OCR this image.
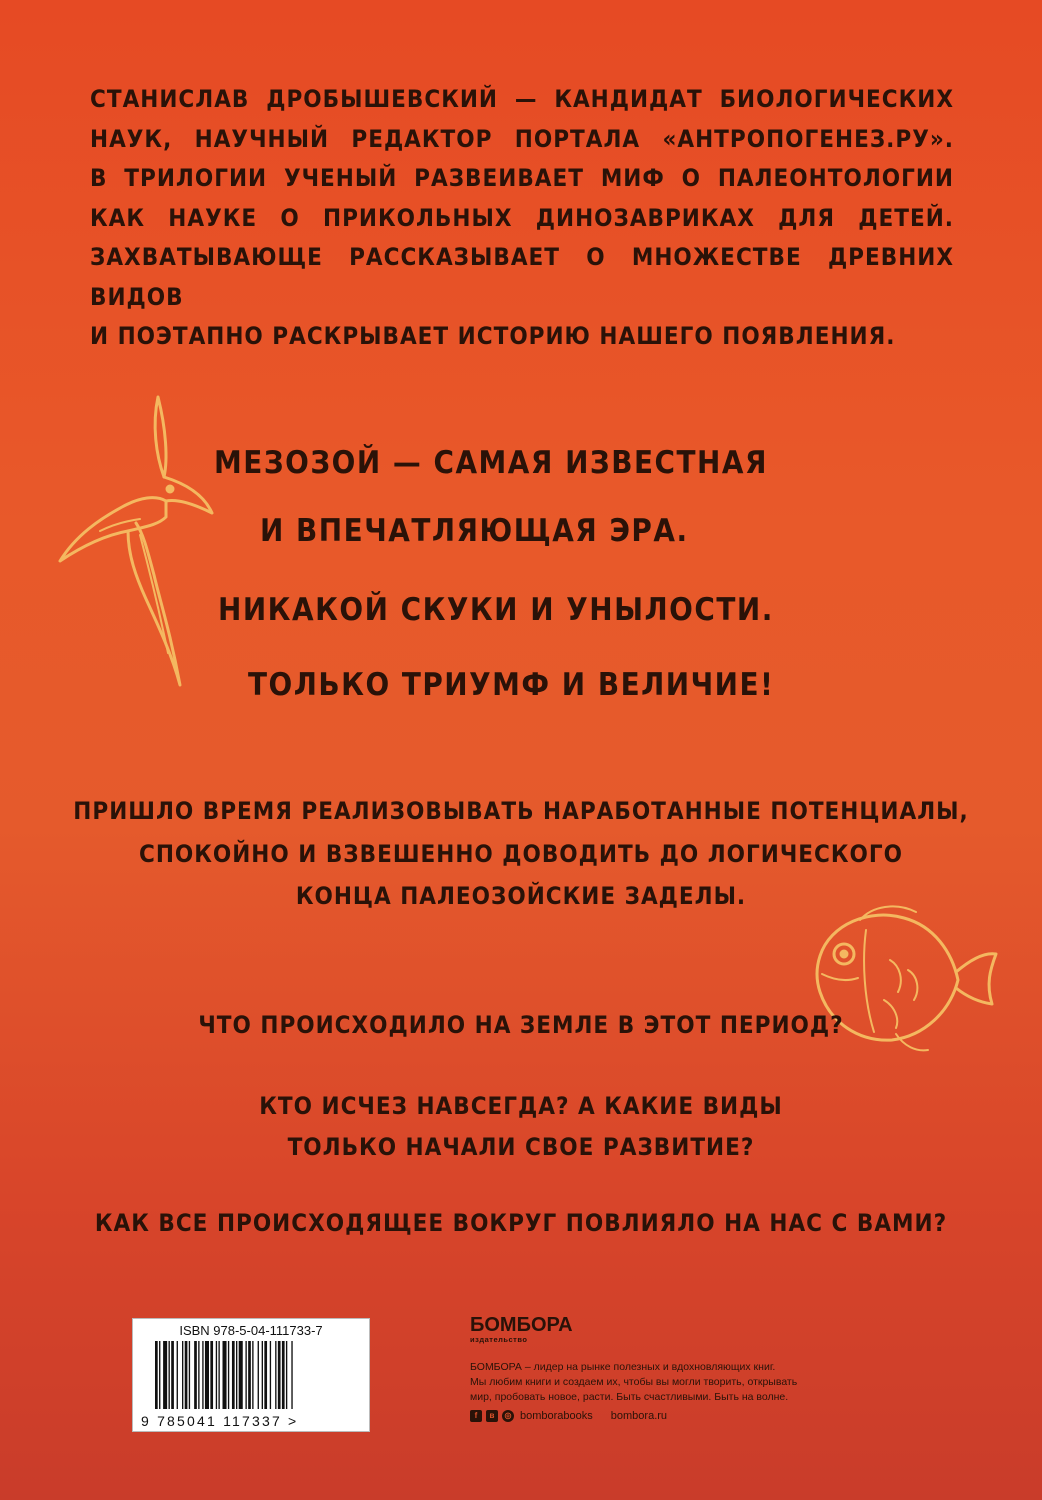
СТАНИСЛАВ ДРОБЫШЕВСКИЙ — КАНДИДАТ БИОЛОГИЧЕСКИХ
НАУК, НАУЧНЫЙ РЕДАКТОР ПОРТАЛА «АНТРОПОГЕНЕЗ.РУ».
В ТРИЛОГИИ УЧЕНЫЙ РАЗВЕИВАЕТ МИФ О ПАЛЕОНТОЛОГИИ
КАК НАУКЕ О ПРИКОЛЬНЫХ ДИНОЗАВРИКАХ ДЛЯ ДЕТЕЙ.
ЗАХВАТЫВАЮЩЕ РАССКАЗЫВАЕТ О МНОЖЕСТВЕ ДРЕВНИХ ВИДОВ
И ПОЭТАПНО РАСКРЫВАЕТ ИСТОРИЮ НАШЕГО ПОЯВЛЕНИЯ.
МЕЗОЗОЙ — САМАЯ ИЗВЕСТНАЯ
И ВПЕЧАТЛЯЮЩАЯ ЭРА.
НИКАКОЙ СКУКИ И УНЫЛОСТИ.
ТОЛЬКО ТРИУМФ И ВЕЛИЧИЕ!
ПРИШЛО ВРЕМЯ РЕАЛИЗОВЫВАТЬ НАРАБОТАННЫЕ ПОТЕНЦИАЛЫ,
СПОКОЙНО И ВЗВЕШЕННО ДОВОДИТЬ ДО ЛОГИЧЕСКОГО
КОНЦА ПАЛЕОЗОЙСКИЕ ЗАДЕЛЫ.
ЧТО ПРОИСХОДИЛО НА ЗЕМЛЕ В ЭТОТ ПЕРИОД?
КТО ИСЧЕЗ НАВСЕГДА? А КАКИЕ ВИДЫ
ТОЛЬКО НАЧАЛИ СВОЕ РАЗВИТИЕ?
КАК ВСЕ ПРОИСХОДЯЩЕЕ ВОКРУГ ПОВЛИЯЛО НА НАС С ВАМИ?
ISBN 978-5-04-111733-7
9 785041 117337 >
БОМБОРА
издательство
БОМБОРА – лидер на рынке полезных и вдохновляющих книг.
Мы любим книги и создаем их, чтобы вы могли творить, открывать
мир, пробовать новое, расти. Быть счастливыми. Быть на волне.
f	в	◎ bomborabooks bombora.ru
